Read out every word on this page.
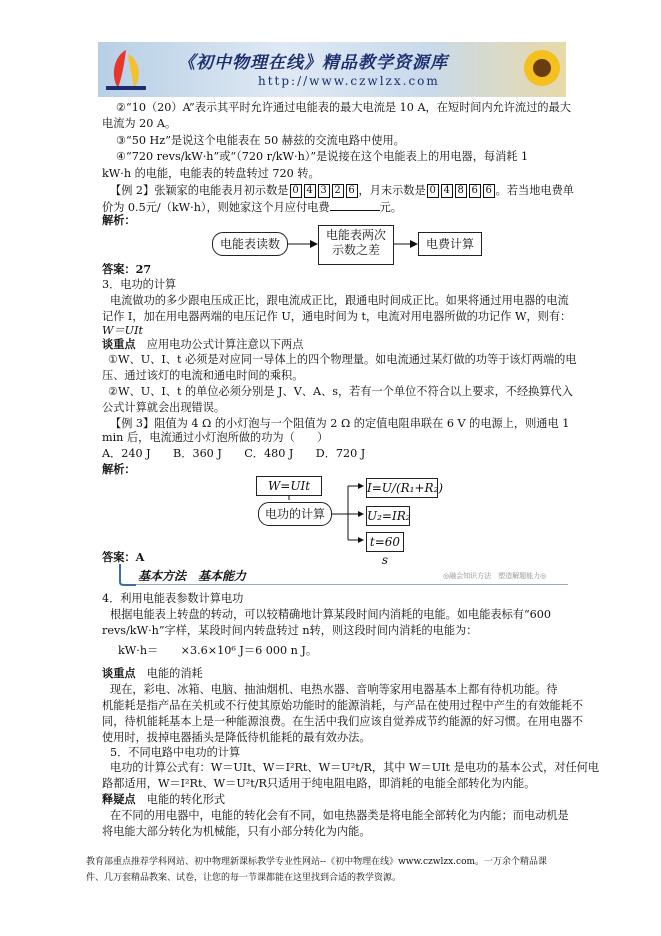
《初中物理在线》精品教学资源库
http://www.czwlzx.com
②“10（20）A”表示其平时允许通过电能表的最大电流是 10 A，在短时间内允许流过的最大
电流为 20 A。
③“50 Hz”是说这个电能表在 50 赫兹的交流电路中使用。
④“720 revs/kW·h”或“（720 r/kW·h）”是说接在这个电能表上的用电器，每消耗 1
kW·h 的电能，电能表的转盘转过 720 转。
【例 2】张颖家的电能表月初示数是 0 4 3 2 6 ，月末示数是 0 4 8 6 6 。若当地电费单
价为 0.5元/（kW·h），则她家这个月应付电费	元。
解析：
电能表读数
电能表两次
示数之差	电费计算
答案：27
3．电功的计算
电流做功的多少跟电压成正比，跟电流成正比，跟通电时间成正比。如果将通过用电器的电流
记作 I，加在用电器两端的电压记作 U，通电时间为 t，电流对用电器所做的功记作 W，则有：
W＝UIt
谈重点　 应用电功公式计算注意以下两点
①W、U、I、t 必须是对应同一导体上的四个物理量。如电流通过某灯做的功等于该灯两端的电
压、通过该灯的电流和通电时间的乘积。
②W、U、I、t 的单位必须分别是 J、V、A、s，若有一个单位不符合以上要求，不经换算代入
公式计算就会出现错误。
【例 3】阻值为 4 Ω 的小灯泡与一个阻值为 2 Ω 的定值电阻串联在 6 V 的电源上，则通电 1
min 后，电流通过小灯泡所做的功为（　　）
A．240 J　　B．360 J　　C．480 J　　D．720 J
解析：
W=UIt
电功的计算
I=U/(R₁+R₂)
U₂=IR₂
t=60 s
答案：A
基本方法　基本能力	◎融会知识方法　塑造解题能力◎
4．利用电能表参数计算电功
根据电能表上转盘的转动，可以较精确地计算某段时间内消耗的电能。如电能表标有“600
revs/kW·h”字样，某段时间内转盘转过 n转，则这段时间内消耗的电能为：
kW·h＝　　×3.6×10⁶ J＝6 000 n J。
谈重点　 电能的消耗
现在，彩电、冰箱、电脑、抽油烟机、电热水器、音响等家用电器基本上都有待机功能。待
机能耗是指产品在关机或不行使其原始功能时的能源消耗，与产品在使用过程中产生的有效能耗不
同，待机能耗基本上是一种能源浪费。在生活中我们应该自觉养成节约能源的好习惯。在用电器不
使用时，拔掉电器插头是降低待机能耗的最有效办法。
5．不同电路中电功的计算
电功的计算公式有：W＝UIt、W＝I²Rt、W＝U²t/R，其中 W＝UIt 是电功的基本公式，对任何电
路都适用，W＝I²Rt、W＝U²t/R只适用于纯电阻电路，即消耗的电能全部转化为内能。
释疑点　 电能的转化形式
在不同的用电器中，电能的转化会有不同，如电热器类是将电能全部转化为内能；而电动机是
将电能大部分转化为机械能，只有小部分转化为内能。
教育部重点推荐学科网站、初中物理新课标教学专业性网站--《初中物理在线》www.czwlzx.com。一万余个精品课
件、几万套精品教案、试卷，让您的每一节课都能在这里找到合适的教学资源。
